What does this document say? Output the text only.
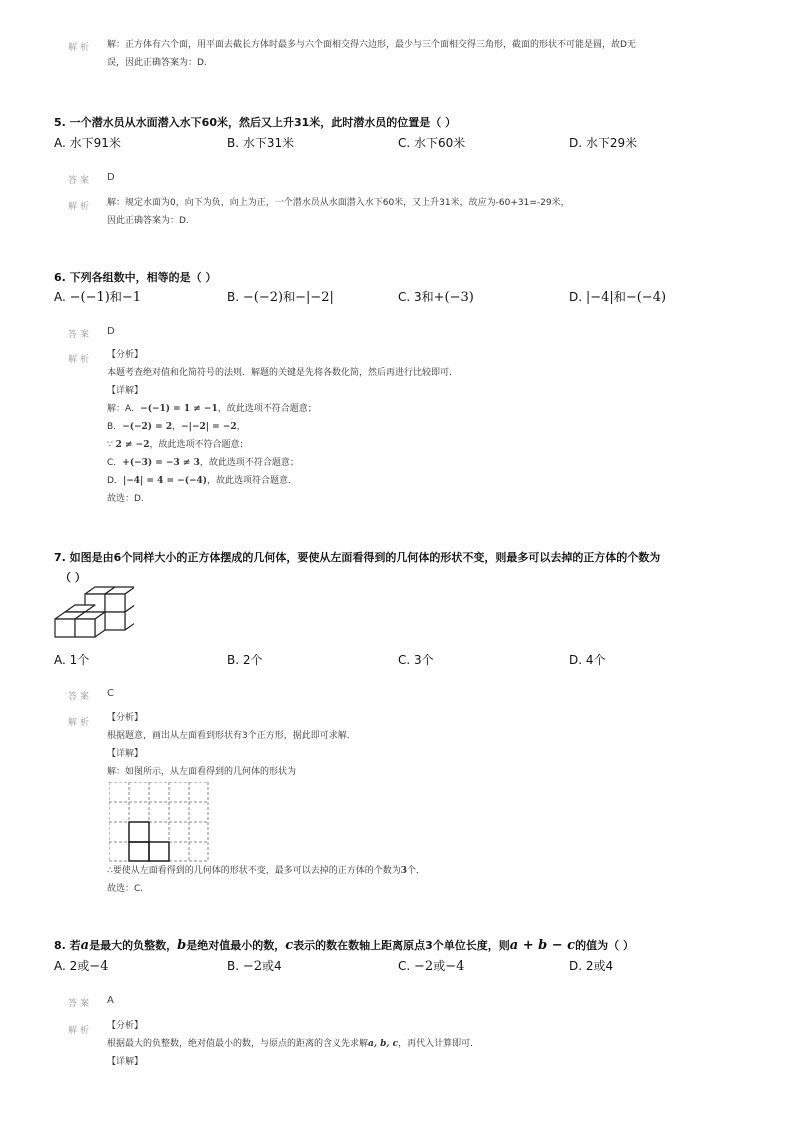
解析 解：正方体有六个面，用平面去截长方体时最多与六个面相交得六边形，最少与三个面相交得三角形，截面的形状不可能是圆，故D无
误，因此正确答案为：D.
5. 一个潜水员从水面潜入水下60米，然后又上升31米，此时潜水员的位置是（ ）
A. 水下91米	B. 水下31米	C. 水下60米	D. 水下29米
答案 D
解析 解：规定水面为0，向下为负，向上为正，一个潜水员从水面潜入水下60米，又上升31米，故应为-60+31=-29米，
因此正确答案为：D.
6. 下列各组数中，相等的是（ ）
A. −(−1)和−1	B. −(−2)和−|−2|	C. 3和+(−3)	D. |−4|和−(−4)
答案 D
解析 【分析】
本题考查绝对值和化简符号的法则．解题的关键是先将各数化简，然后再进行比较即可．
【详解】
解：A．−(−1) = 1 ≠ −1，故此选项不符合题意；
B．−(−2) = 2，−|−2| = −2，
∵ 2 ≠ −2，故此选项不符合题意；
C．+(−3) = −3 ≠ 3，故此选项不符合题意；
D．|−4| = 4 = −(−4)，故此选项符合题意．
故选：D.
7. 如图是由6个同样大小的正方体摆成的几何体，要使从左面看得到的几何体的形状不变，则最多可以去掉的正方体的个数为
（ ）
A. 1个	B. 2个	C. 3个	D. 4个
答案 C
解析 【分析】
根据题意，画出从左面看到形状有3个正方形，据此即可求解．
【详解】
解：如图所示，从左面看得到的几何体的形状为
∴要使从左面看得到的几何体的形状不变，最多可以去掉的正方体的个数为3个．
故选：C.
8. 若a是最大的负整数，b是绝对值最小的数，c表示的数在数轴上距离原点3个单位长度，则a + b − c的值为（ ）
A. 2或−4	B. −2或4	C. −2或−4	D. 2或4
答案 A
解析 【分析】
根据最大的负整数，绝对值最小的数，与原点的距离的含义先求解a, b, c，再代入计算即可．
【详解】
